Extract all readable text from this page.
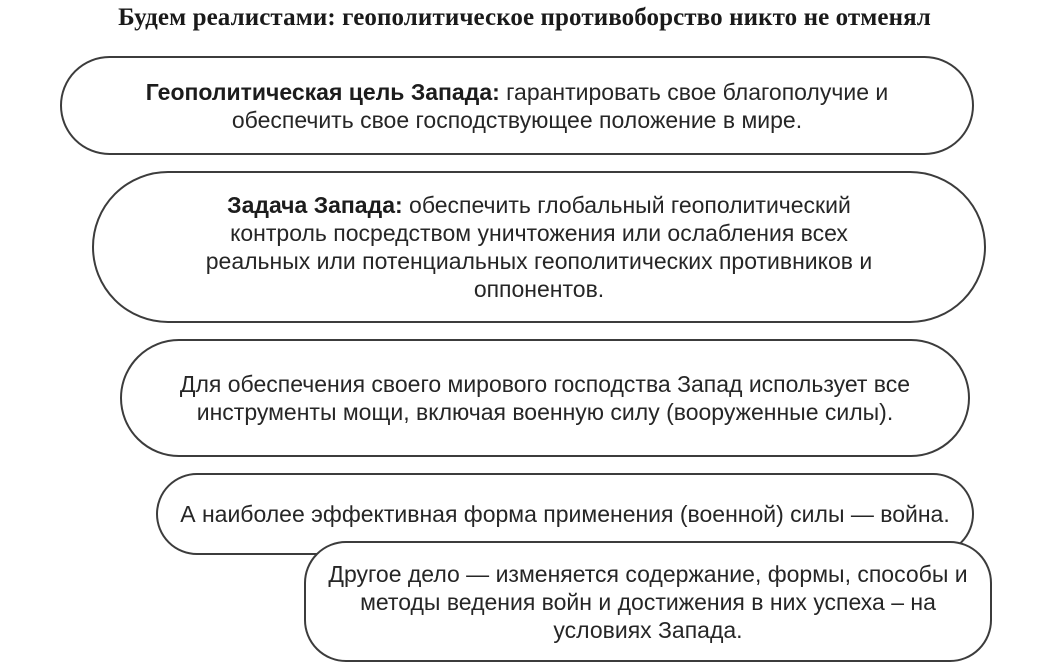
Будем реалистами: геополитическое противоборство никто не отменял
Геополитическая цель Запада: гарантировать свое благополучие и обеспечить свое господствующее положение в мире.
Задача Запада: обеспечить глобальный геополитический контроль посредством уничтожения или ослабления всех реальных или потенциальных геополитических противников и оппонентов.
Для обеспечения своего мирового господства Запад использует все инструменты мощи, включая военную силу (вооруженные силы).
А наиболее эффективная форма применения (военной) силы — война.
Другое дело — изменяется содержание, формы, способы и методы ведения войн и достижения в них успеха – на условиях Запада.
